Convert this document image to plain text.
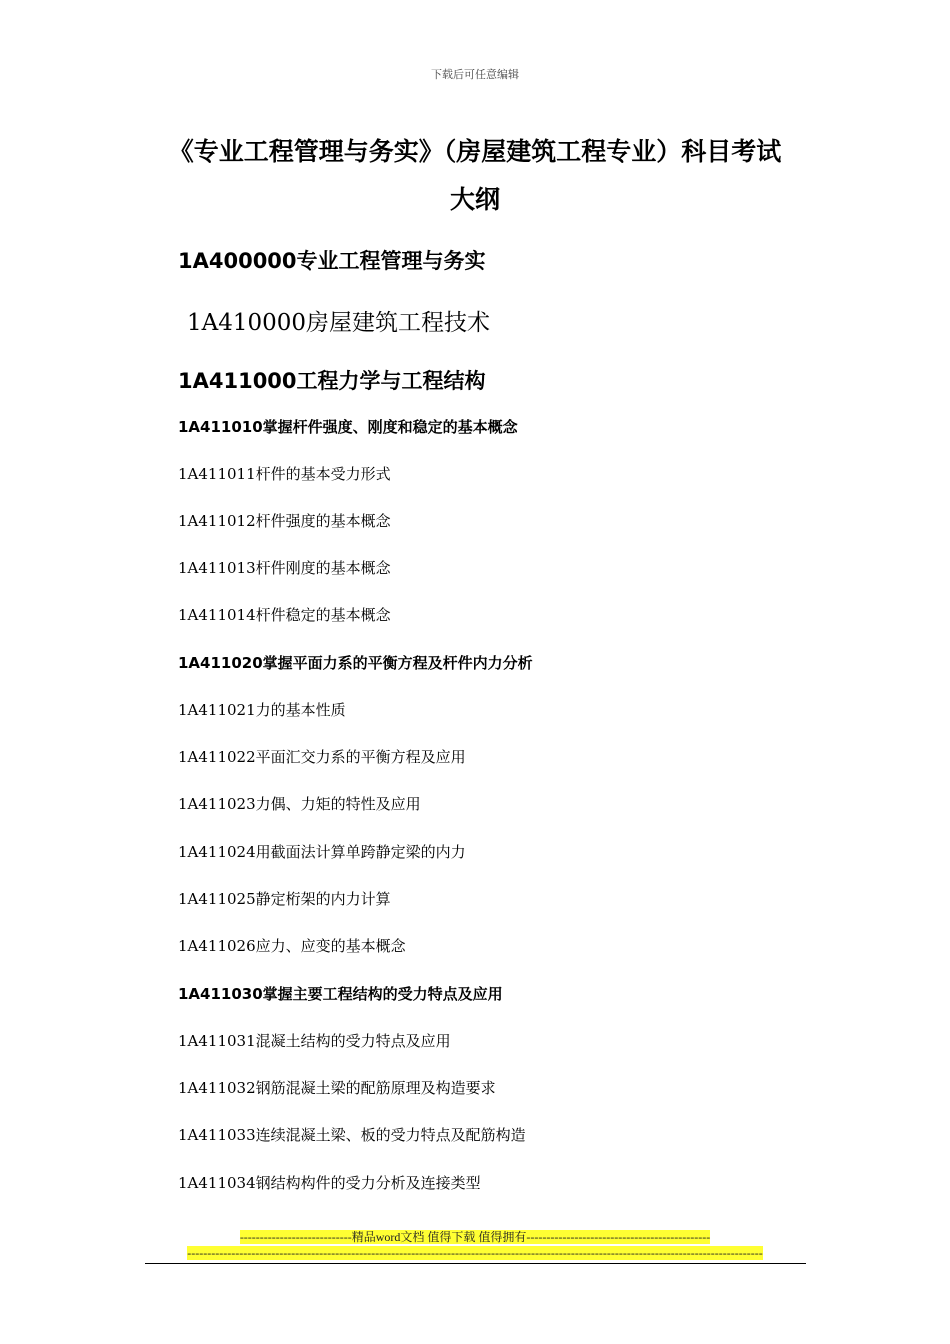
下载后可任意编辑
《专业工程管理与务实》（房屋建筑工程专业）科目考试
大纲
1A400000专业工程管理与务实
1A410000房屋建筑工程技术
1A411000工程力学与工程结构
1A411010掌握杆件强度、刚度和稳定的基本概念
1A411011杆件的基本受力形式
1A411012杆件强度的基本概念
1A411013杆件刚度的基本概念
1A411014杆件稳定的基本概念
1A411020掌握平面力系的平衡方程及杆件内力分析
1A411021力的基本性质
1A411022平面汇交力系的平衡方程及应用
1A411023力偶、力矩的特性及应用
1A411024用截面法计算单跨静定梁的内力
1A411025静定桁架的内力计算
1A411026应力、应变的基本概念
1A411030掌握主要工程结构的受力特点及应用
1A411031混凝土结构的受力特点及应用
1A411032钢筋混凝土梁的配筋原理及构造要求
1A411033连续混凝土梁、板的受力特点及配筋构造
1A411034钢结构构件的受力分析及连接类型
----------------------------精品word文档 值得下载 值得拥有----------------------------------------------
------------------------------------------------------------------------------------------------------------------------------------------------
